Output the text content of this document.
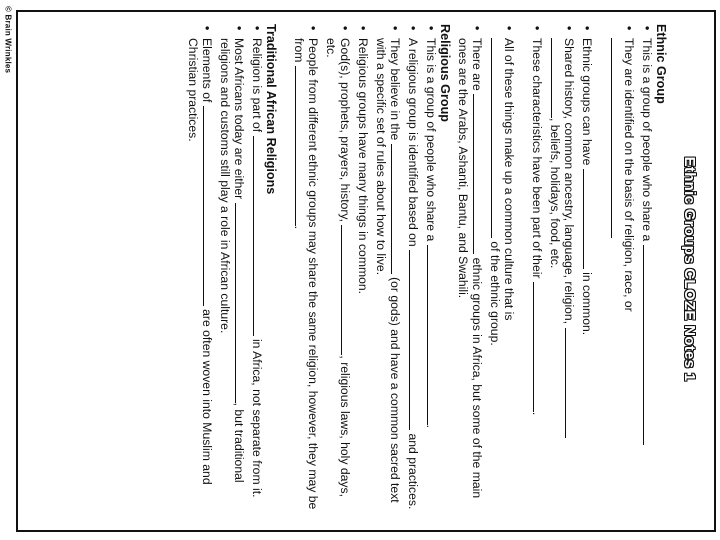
© Brain Wrinkles
Ethnic Groups CLOZE Notes 1
Ethnic Group
• This is a group of people who share a
• They are identified on the basis of religion, race, or
• Ethnic groups can have  in common.
• Shared history, common ancestry, language, religion,
, beliefs, holidays, food, etc.
• These characteristics have been part of their .
• All of these things make up a common culture that is
of the ethnic group.
• There are  ethnic groups in Africa, but some of the main ones are the Arabs, Ashanti, Bantu, and Swahili.
Religious Group
• This is a group of people who share a .
• A religious group is identified based on  and practices.
• They believe in the  (or gods) and have a common sacred text with a specific set of rules about how to live.
• Religious groups have many things in common.
• God(s), prophets, prayers, history, , religious laws, holy days, etc.
• People from different ethnic groups may share the same religion, however, they may be from .
Traditional African Religions
• Religion is part of  in Africa, not separate from it.
• Most Africans today are either , but traditional religions and customs still play a role in African culture.
• Elements of  are often woven into Muslim and Christian practices.
